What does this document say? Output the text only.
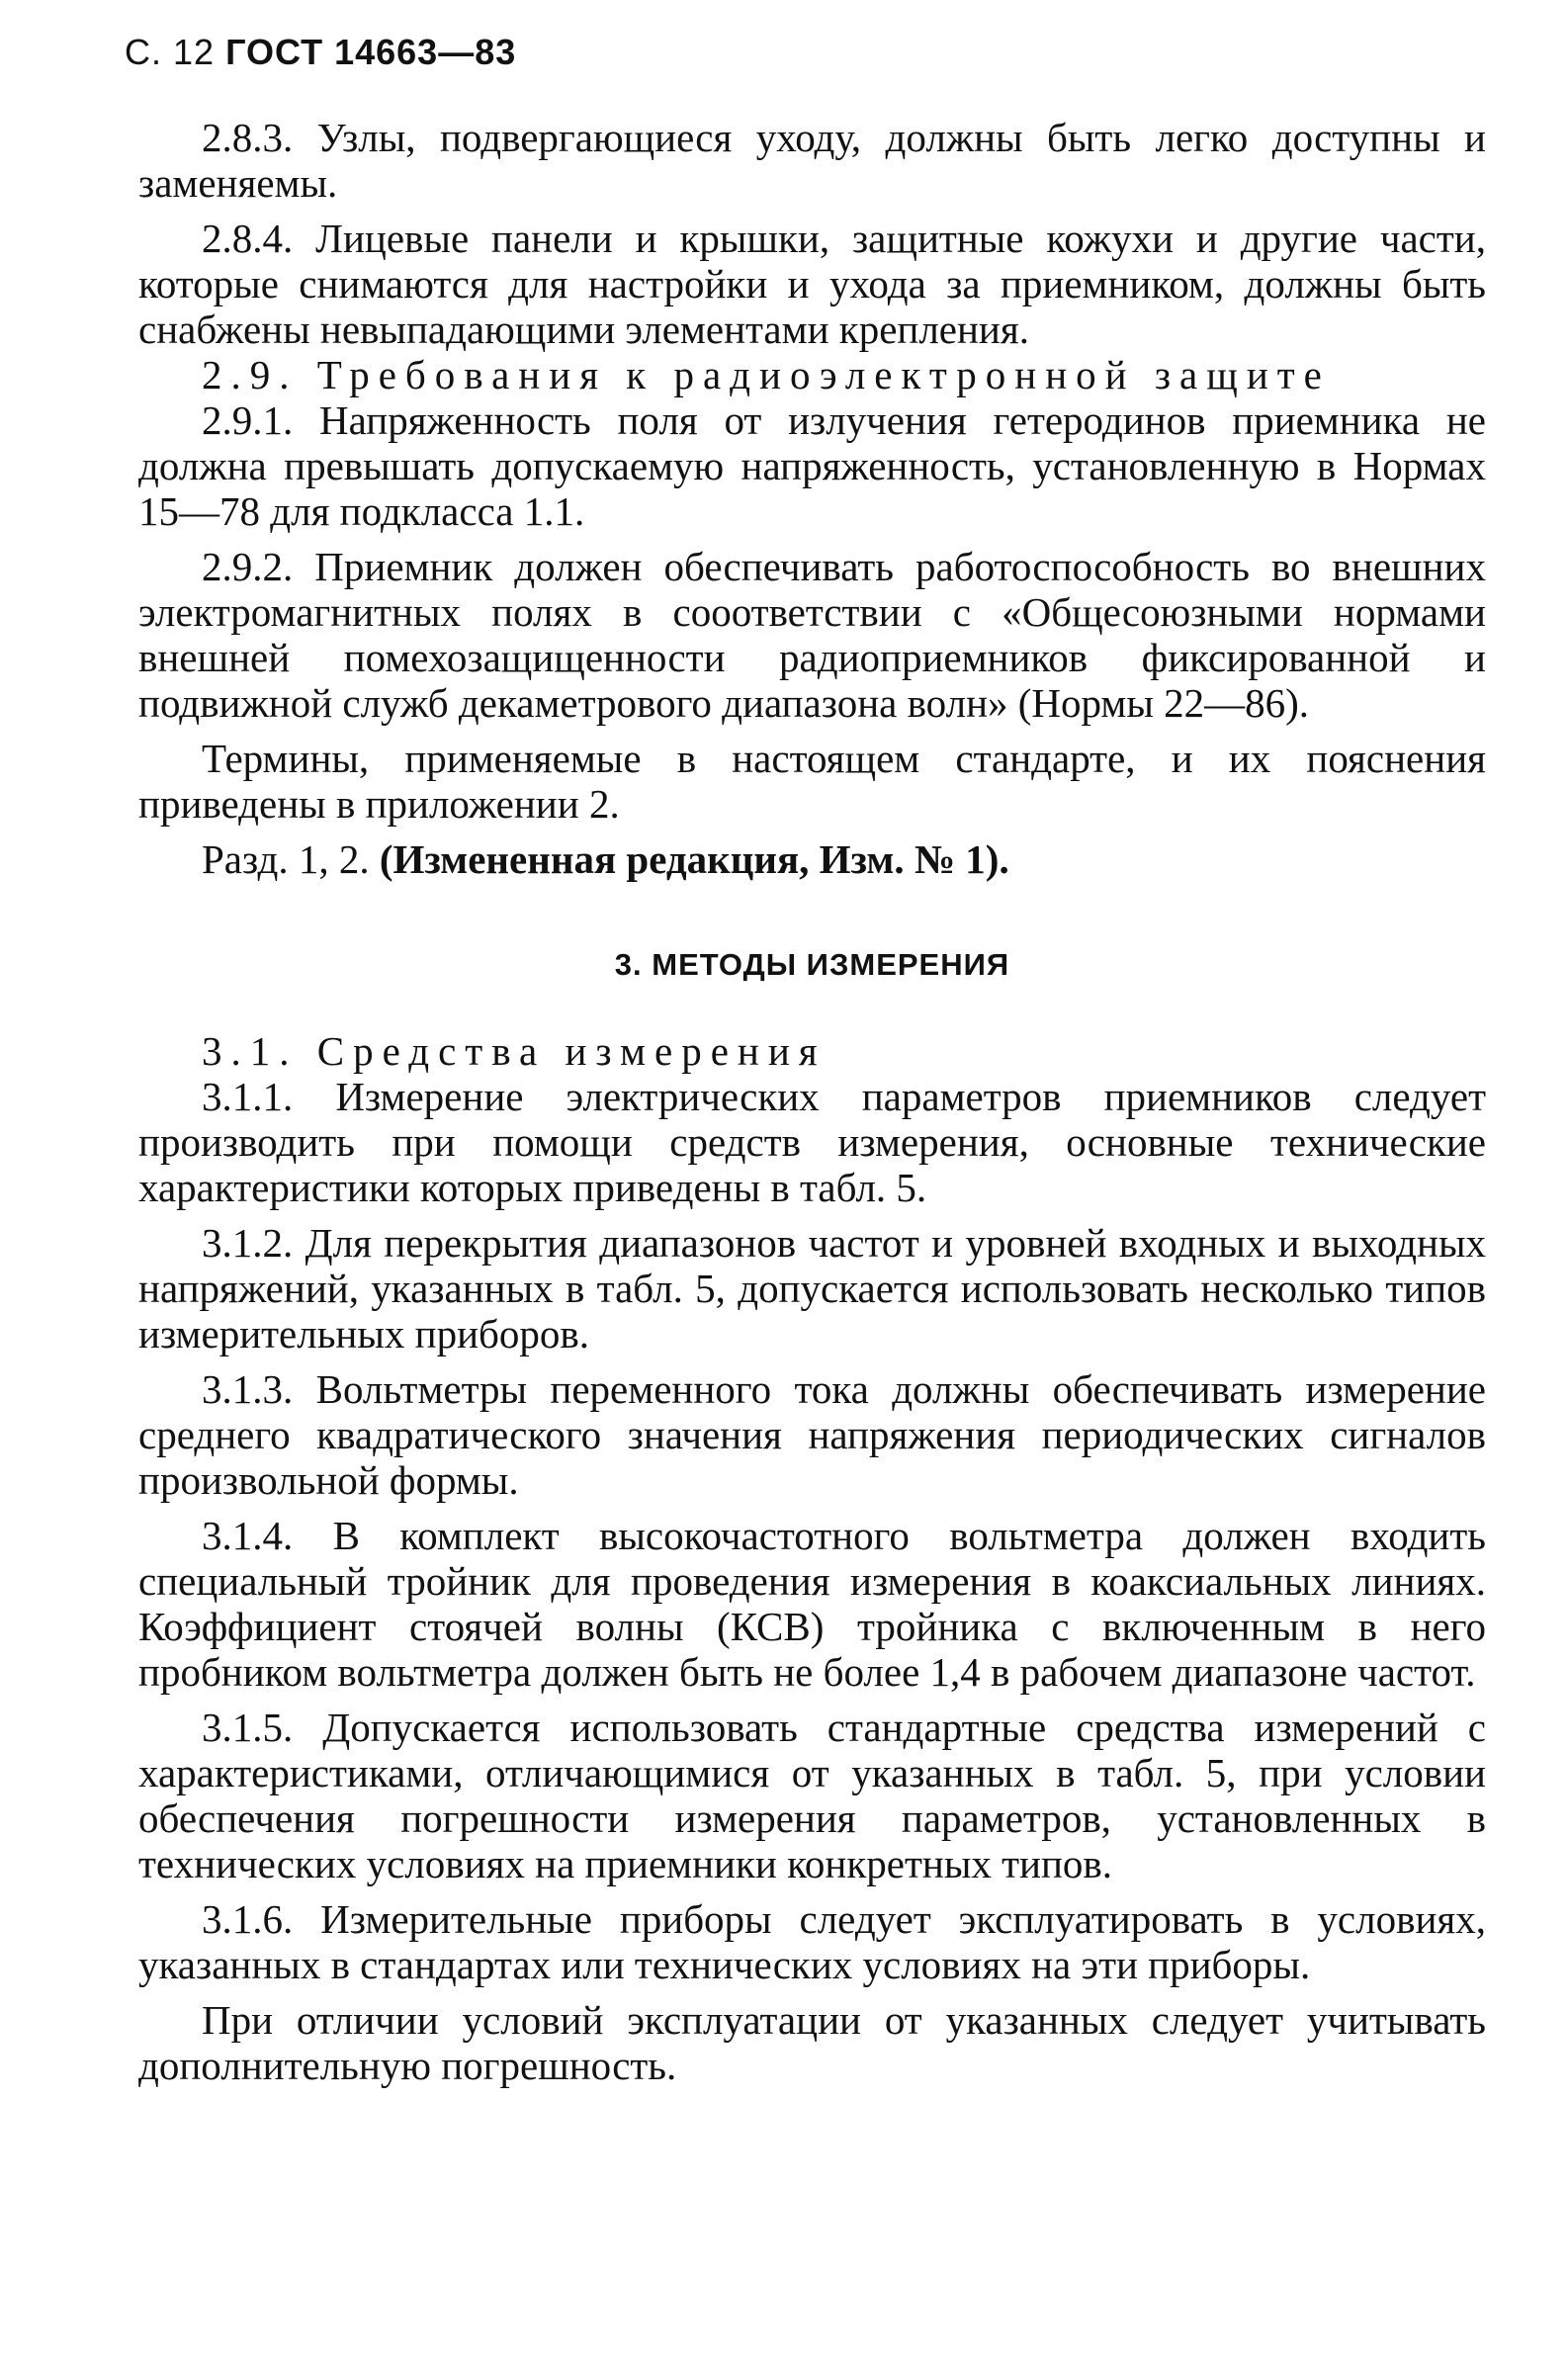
С. 12 ГОСТ 14663—83

2.8.3. Узлы, подвергающиеся уходу, должны быть легко доступны и заменяемы.

2.8.4. Лицевые панели и крышки, защитные кожухи и другие части, которые снимаются для настройки и ухода за приемником, должны быть снабжены невыпадающими элементами крепления.

2.9. Требования к радиоэлектронной защите

2.9.1. Напряженность поля от излучения гетеродинов приемника не должна превышать допускаемую напряженность, установленную в Нормах 15—78 для подкласса 1.1.

2.9.2. Приемник должен обеспечивать работоспособность во внешних электромагнитных полях в сооответствии с «Общесоюзными нормами внешней помехозащищенности радиоприемников фиксированной и подвижной служб декаметрового диапазона волн» (Нормы 22—86).

Термины, применяемые в настоящем стандарте, и их пояснения приведены в приложении 2.

Разд. 1, 2. (Измененная редакция, Изм. № 1).

3. МЕТОДЫ ИЗМЕРЕНИЯ

3.1. Средства измерения

3.1.1. Измерение электрических параметров приемников следует производить при помощи средств измерения, основные технические характеристики которых приведены в табл. 5.

3.1.2. Для перекрытия диапазонов частот и уровней входных и выходных напряжений, указанных в табл. 5, допускается использовать несколько типов измерительных приборов.

3.1.3. Вольтметры переменного тока должны обеспечивать измерение среднего квадратического значения напряжения периодических сигналов произвольной формы.

3.1.4. В комплект высокочастотного вольтметра должен входить специальный тройник для проведения измерения в коаксиальных линиях. Коэффициент стоячей волны (КСВ) тройника с включенным в него пробником вольтметра должен быть не более 1,4 в рабочем диапазоне частот.

3.1.5. Допускается использовать стандартные средства измерений с характеристиками, отличающимися от указанных в табл. 5, при условии обеспечения погрешности измерения параметров, установленных в технических условиях на приемники конкретных типов.

3.1.6. Измерительные приборы следует эксплуатировать в условиях, указанных в стандартах или технических условиях на эти приборы.

При отличии условий эксплуатации от указанных следует учитывать дополнительную погрешность.
